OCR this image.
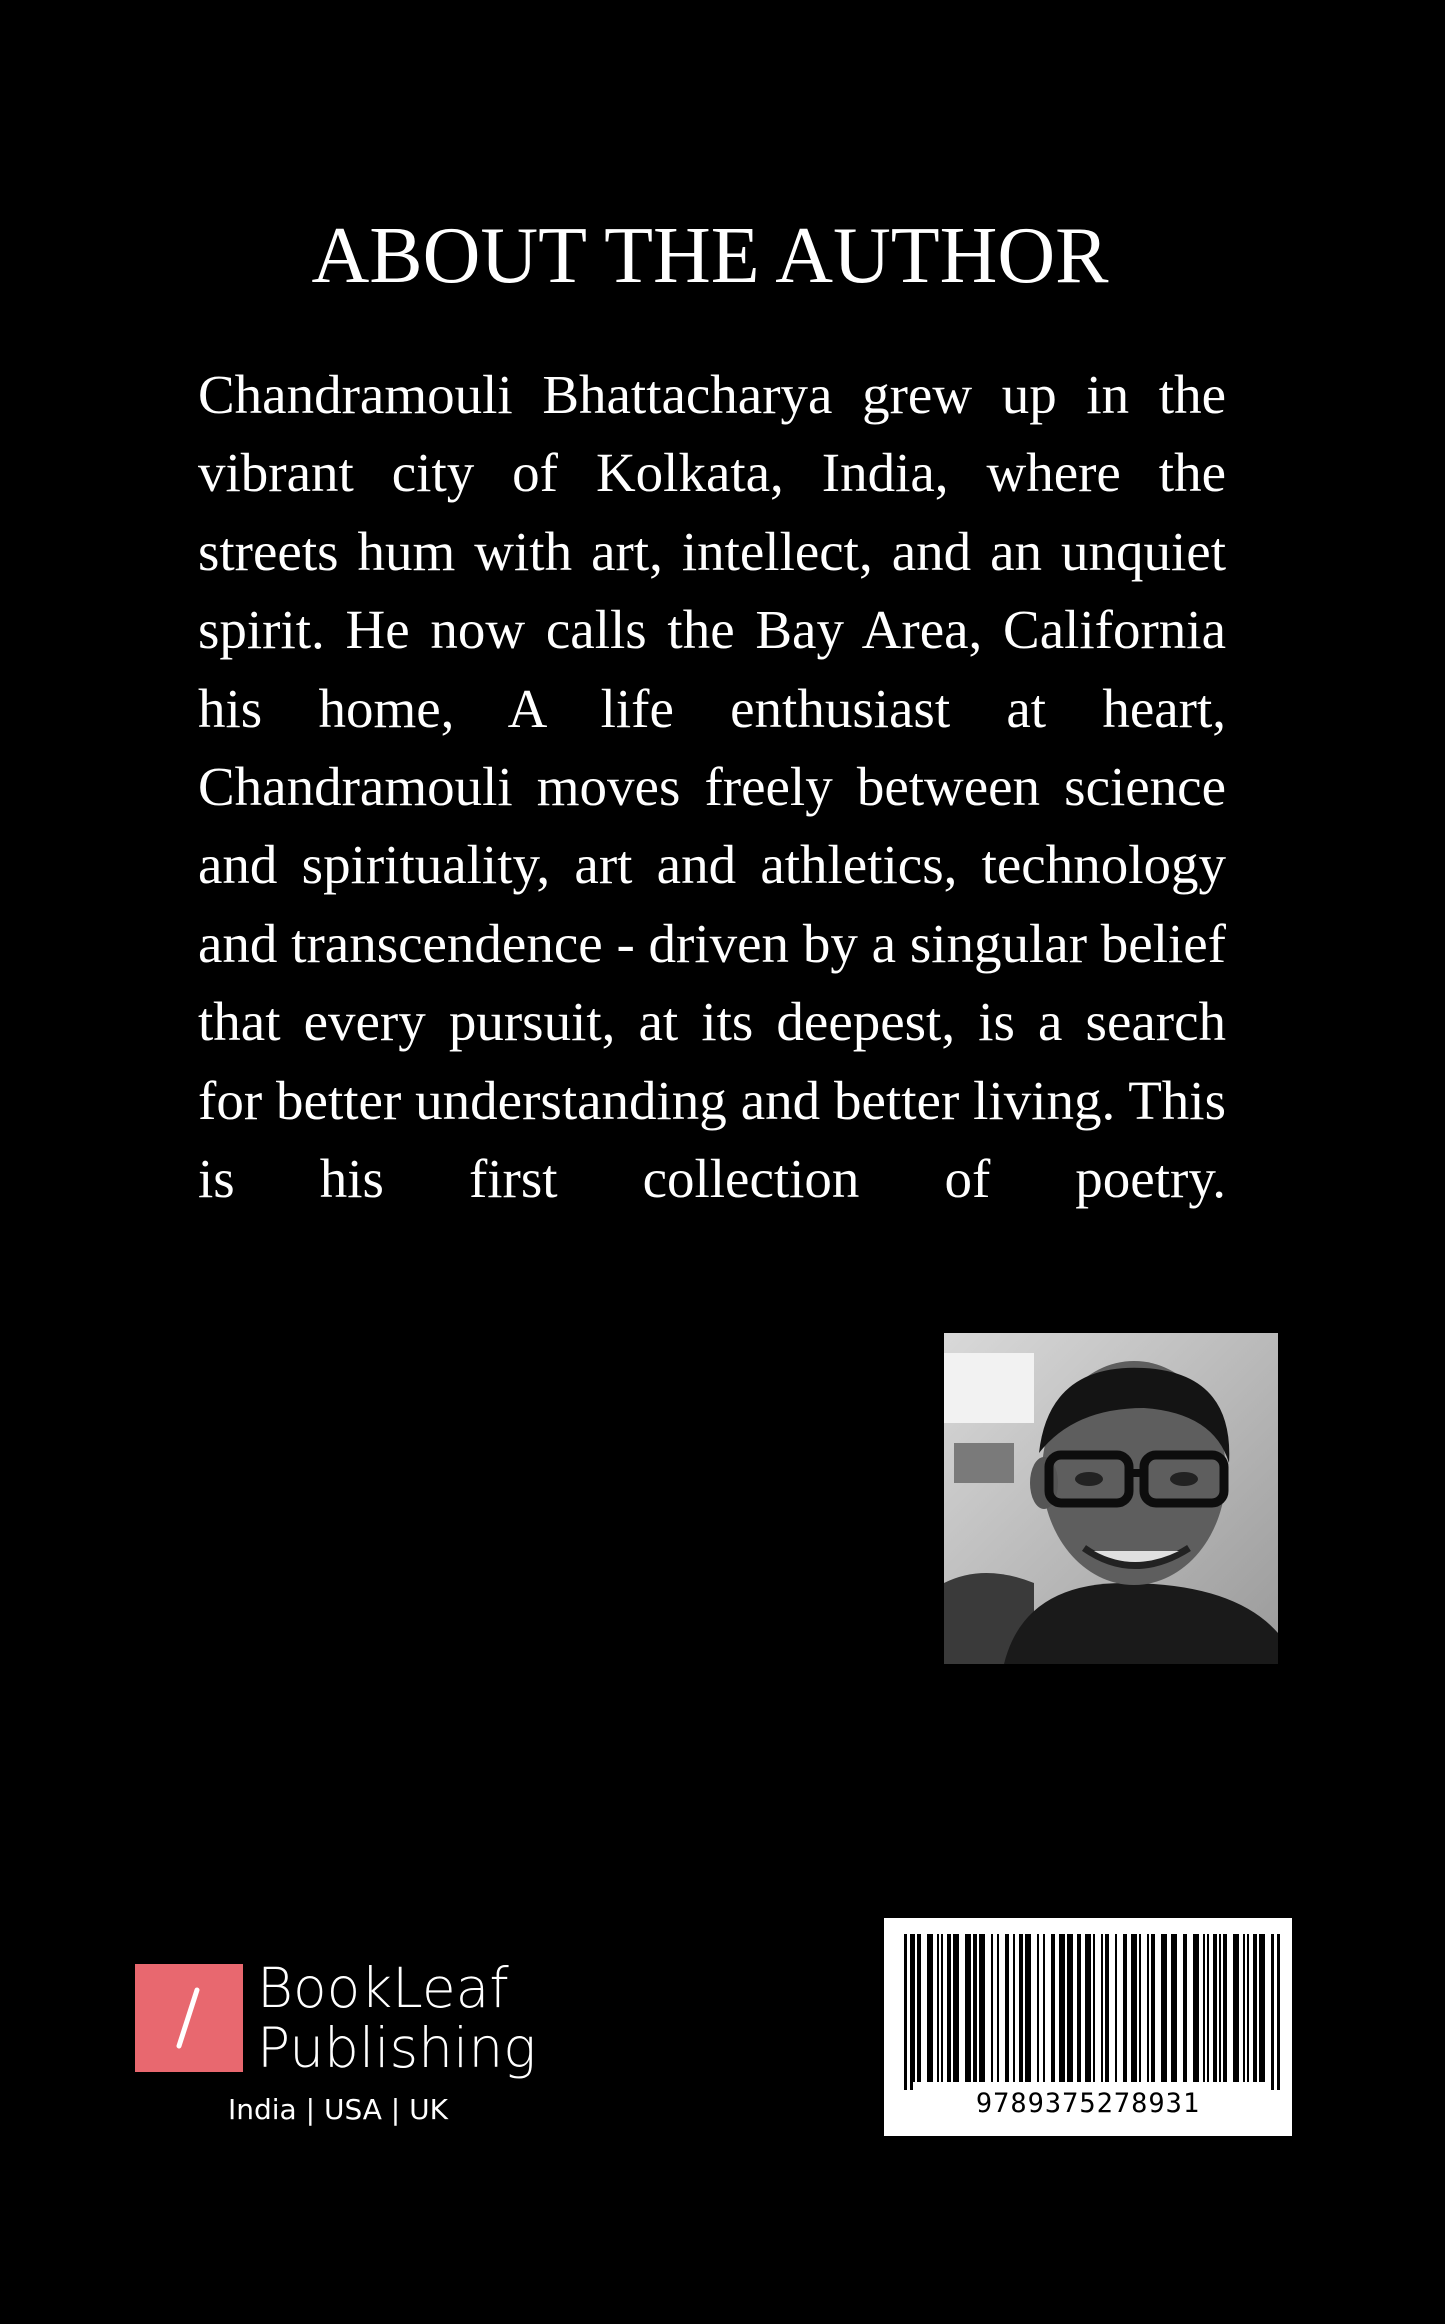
ABOUT THE AUTHOR

Chandramouli Bhattacharya grew up in the vibrant city of Kolkata, India, where the streets hum with art, intellect, and an unquiet spirit. He now calls the Bay Area, California his home, A life enthusiast at heart, Chandramouli moves freely between science and spirituality, art and athletics, technology and transcendence - driven by a singular belief that every pursuit, at its deepest, is a search for better understanding and better living. This is his first collection of poetry.

BookLeaf
Publishing
India | USA | UK	9789375278931
